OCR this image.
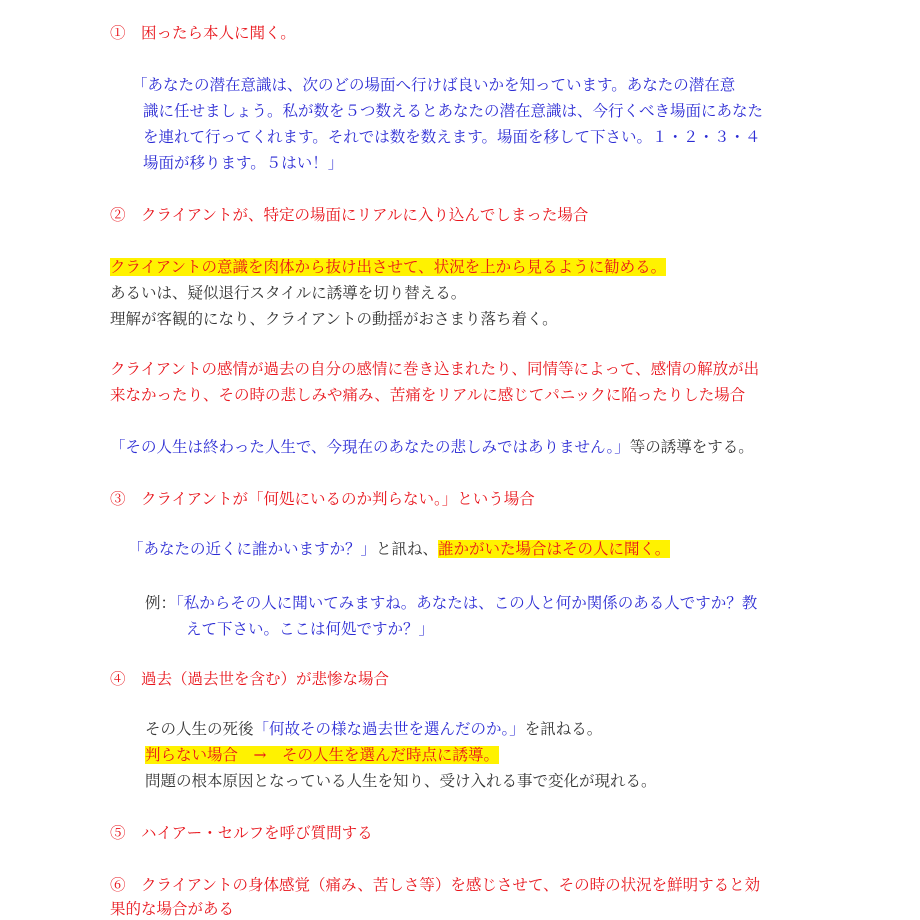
①　困ったら本人に聞く。
「あなたの潜在意識は、次のどの場面へ行けば良いかを知っています。あなたの潜在意
識に任せましょう。私が数を５つ数えるとあなたの潜在意識は、今行くべき場面にあなた
を連れて行ってくれます。それでは数を数えます。場面を移して下さい。１・２・３・４
場面が移ります。５はい！」
②　クライアントが、特定の場面にリアルに入り込んでしまった場合
クライアントの意識を肉体から抜け出させて、状況を上から見るように勧める。
あるいは、疑似退行スタイルに誘導を切り替える。
理解が客観的になり、クライアントの動揺がおさまり落ち着く。
クライアントの感情が過去の自分の感情に巻き込まれたり、同情等によって、感情の解放が出
来なかったり、その時の悲しみや痛み、苦痛をリアルに感じてパニックに陥ったりした場合
「その人生は終わった人生で、今現在のあなたの悲しみではありません。」等の誘導をする。
③　クライアントが「何処にいるのか判らない。」という場合
「あなたの近くに誰かいますか？」と訊ね、誰かがいた場合はその人に聞く。
例：「私からその人に聞いてみますね。あなたは、この人と何か関係のある人ですか？教
えて下さい。ここは何処ですか？」
④　過去（過去世を含む）が悲惨な場合
その人生の死後「何故その様な過去世を選んだのか。」を訊ねる。
判らない場合　→　その人生を選んだ時点に誘導。
問題の根本原因となっている人生を知り、受け入れる事で変化が現れる。
⑤　ハイアー・セルフを呼び質問する
⑥　クライアントの身体感覚（痛み、苦しさ等）を感じさせて、その時の状況を鮮明すると効
果的な場合がある
